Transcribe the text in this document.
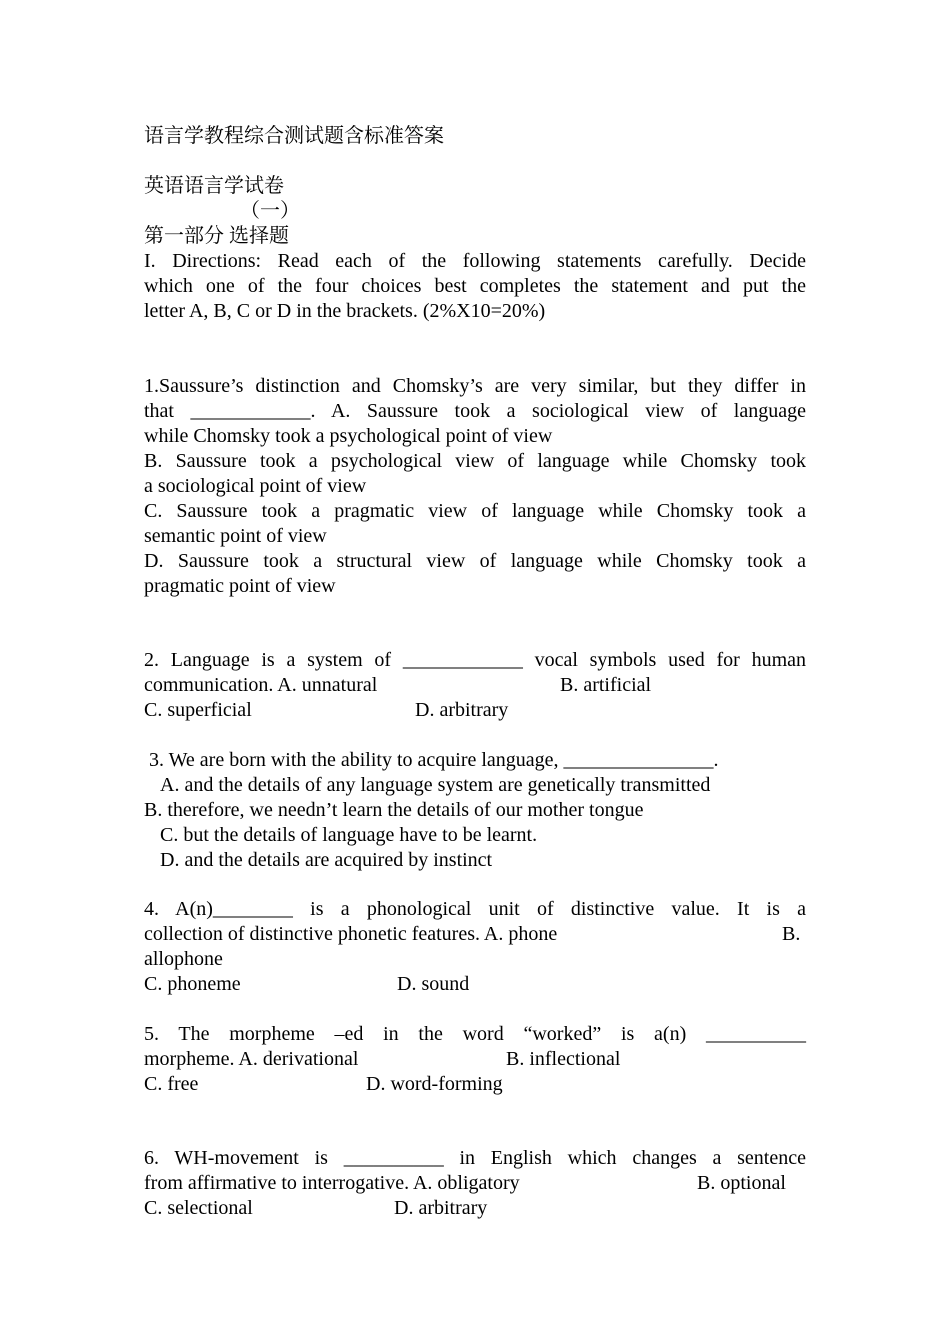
语言学教程综合测试题含标准答案
英语语言学试卷
（一）
第一部分 选择题
I. Directions: Read each of the following statements carefully. Decide
which one of the four choices best completes the statement and put the
letter A, B, C or D in the brackets. (2%X10=20%)
1.Saussure’s distinction and Chomsky’s are very similar, but they differ in
that ____________. A. Saussure took a sociological view of language
while Chomsky took a psychological point of view
B. Saussure took a psychological view of language while Chomsky took
a sociological point of view
C. Saussure took a pragmatic view of language while Chomsky took a
semantic point of view
D. Saussure took a structural view of language while Chomsky took a
pragmatic point of view
2. Language is a system of ____________ vocal symbols used for human
communication. A. unnatural	B. artificial
C. superficial	D. arbitrary
3. We are born with the ability to acquire language, _______________.
A. and the details of any language system are genetically transmitted
B. therefore, we needn’t learn the details of our mother tongue
C. but the details of language have to be learnt.
D. and the details are acquired by instinct
4. A(n)________ is a phonological unit of distinctive value. It is a
collection of distinctive phonetic features. A. phone	B.
allophone
C. phoneme	D. sound
5. The morpheme –ed in the word “worked” is a(n) __________
morpheme. A. derivational	B. inflectional
C. free	D. word-forming
6. WH-movement is __________ in English which changes a sentence
from affirmative to interrogative. A. obligatory	B. optional
C. selectional	D. arbitrary
